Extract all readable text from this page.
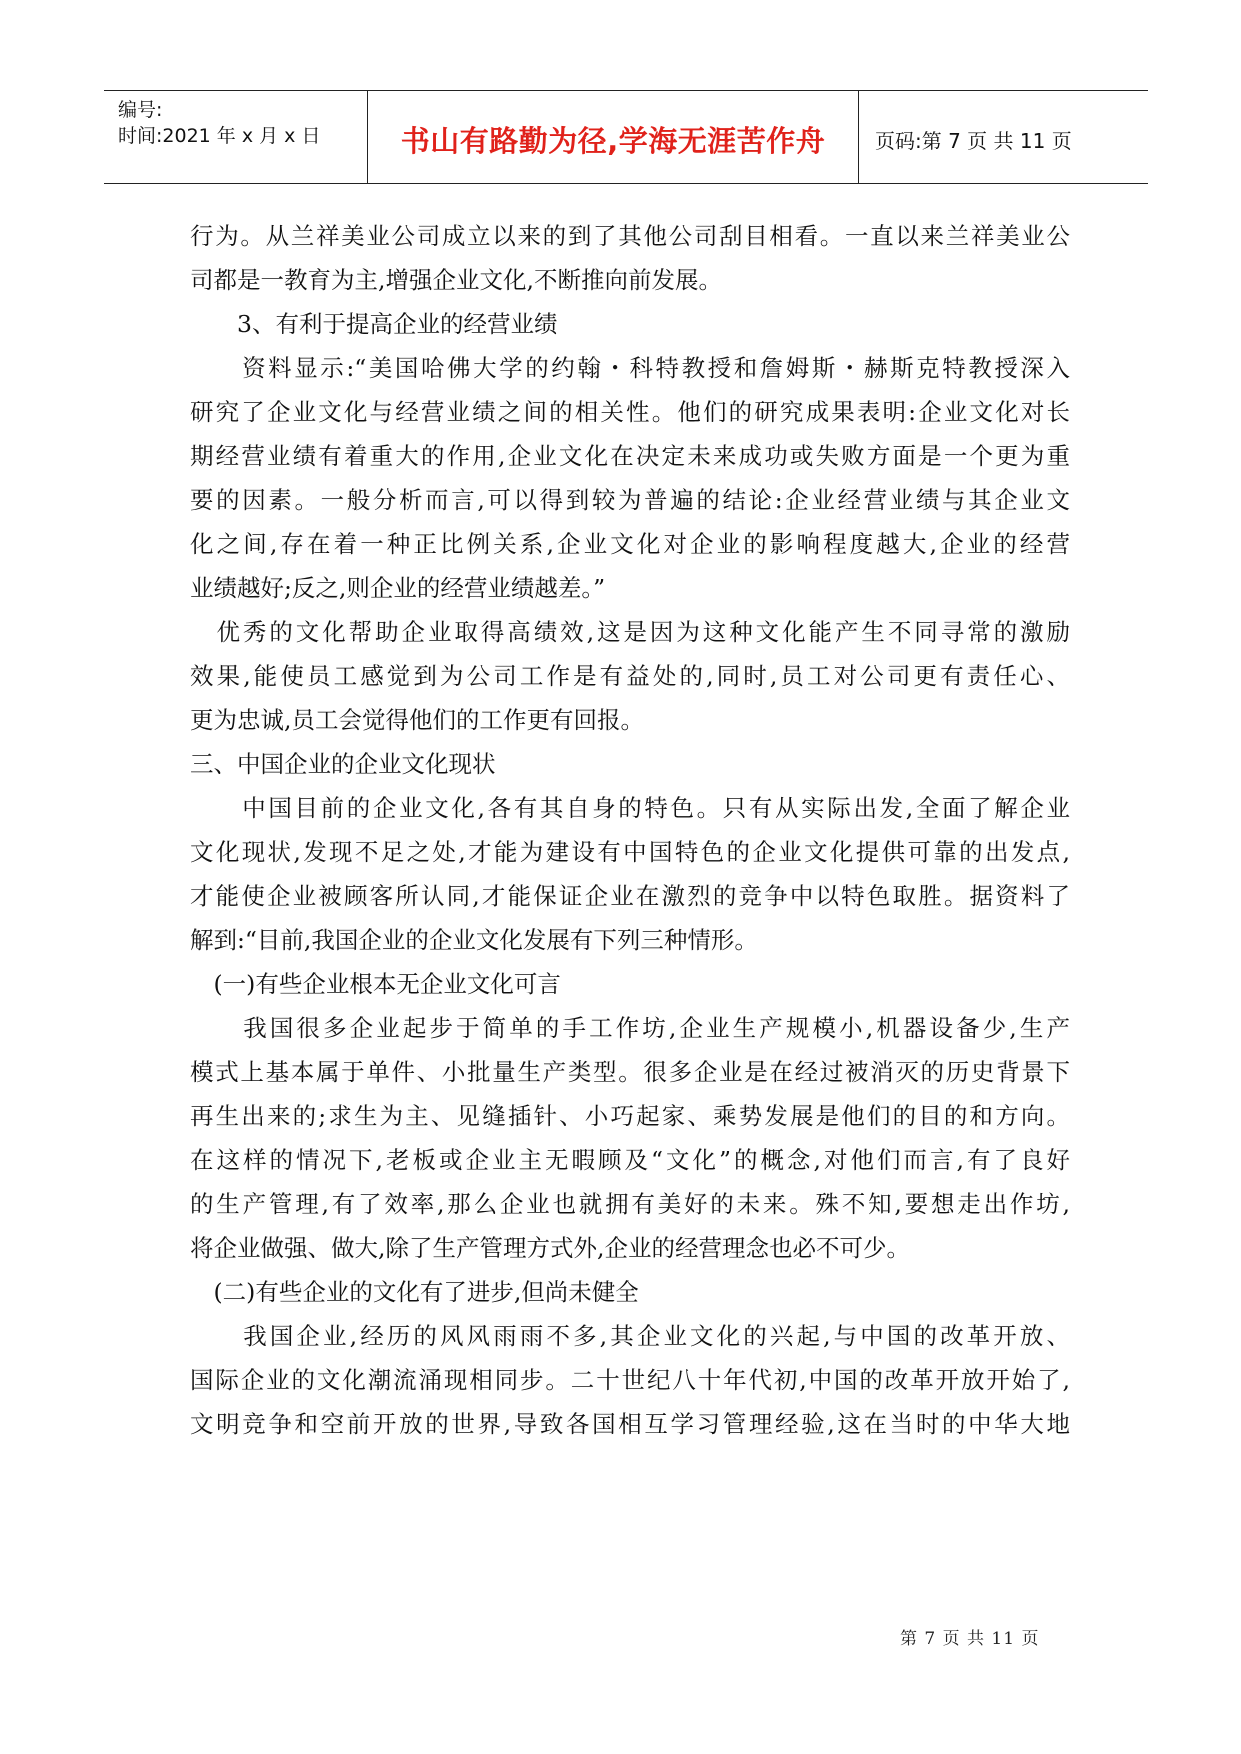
编号:
时间:2021 年 x 月 x 日	书山有路勤为径,学海无涯苦作舟	页码:第 7 页 共 11 页
行为。从兰祥美业公司成立以来的到了其他公司刮目相看。一直以来兰祥美业公
司都是一教育为主,增强企业文化,不断推向前发展。
　　3、有利于提高企业的经营业绩
　　资料显示:“美国哈佛大学的约翰・科特教授和詹姆斯・赫斯克特教授深入
研究了企业文化与经营业绩之间的相关性。他们的研究成果表明:企业文化对长
期经营业绩有着重大的作用,企业文化在决定未来成功或失败方面是一个更为重
要的因素。一般分析而言,可以得到较为普遍的结论:企业经营业绩与其企业文
化之间,存在着一种正比例关系,企业文化对企业的影响程度越大,企业的经营
业绩越好;反之,则企业的经营业绩越差。”
　优秀的文化帮助企业取得高绩效,这是因为这种文化能产生不同寻常的激励
效果,能使员工感觉到为公司工作是有益处的,同时,员工对公司更有责任心、
更为忠诚,员工会觉得他们的工作更有回报。
三、中国企业的企业文化现状
　　中国目前的企业文化,各有其自身的特色。只有从实际出发,全面了解企业
文化现状,发现不足之处,才能为建设有中国特色的企业文化提供可靠的出发点,
才能使企业被顾客所认同,才能保证企业在激烈的竞争中以特色取胜。据资料了
解到:“目前,我国企业的企业文化发展有下列三种情形。
　(一)有些企业根本无企业文化可言
　　我国很多企业起步于简单的手工作坊,企业生产规模小,机器设备少,生产
模式上基本属于单件、小批量生产类型。很多企业是在经过被消灭的历史背景下
再生出来的;求生为主、见缝插针、小巧起家、乘势发展是他们的目的和方向。
在这样的情况下,老板或企业主无暇顾及“文化”的概念,对他们而言,有了良好
的生产管理,有了效率,那么企业也就拥有美好的未来。殊不知,要想走出作坊,
将企业做强、做大,除了生产管理方式外,企业的经营理念也必不可少。
　(二)有些企业的文化有了进步,但尚未健全
　　我国企业,经历的风风雨雨不多,其企业文化的兴起,与中国的改革开放、
国际企业的文化潮流涌现相同步。二十世纪八十年代初,中国的改革开放开始了,
文明竞争和空前开放的世界,导致各国相互学习管理经验,这在当时的中华大地
第 7 页 共 11 页
